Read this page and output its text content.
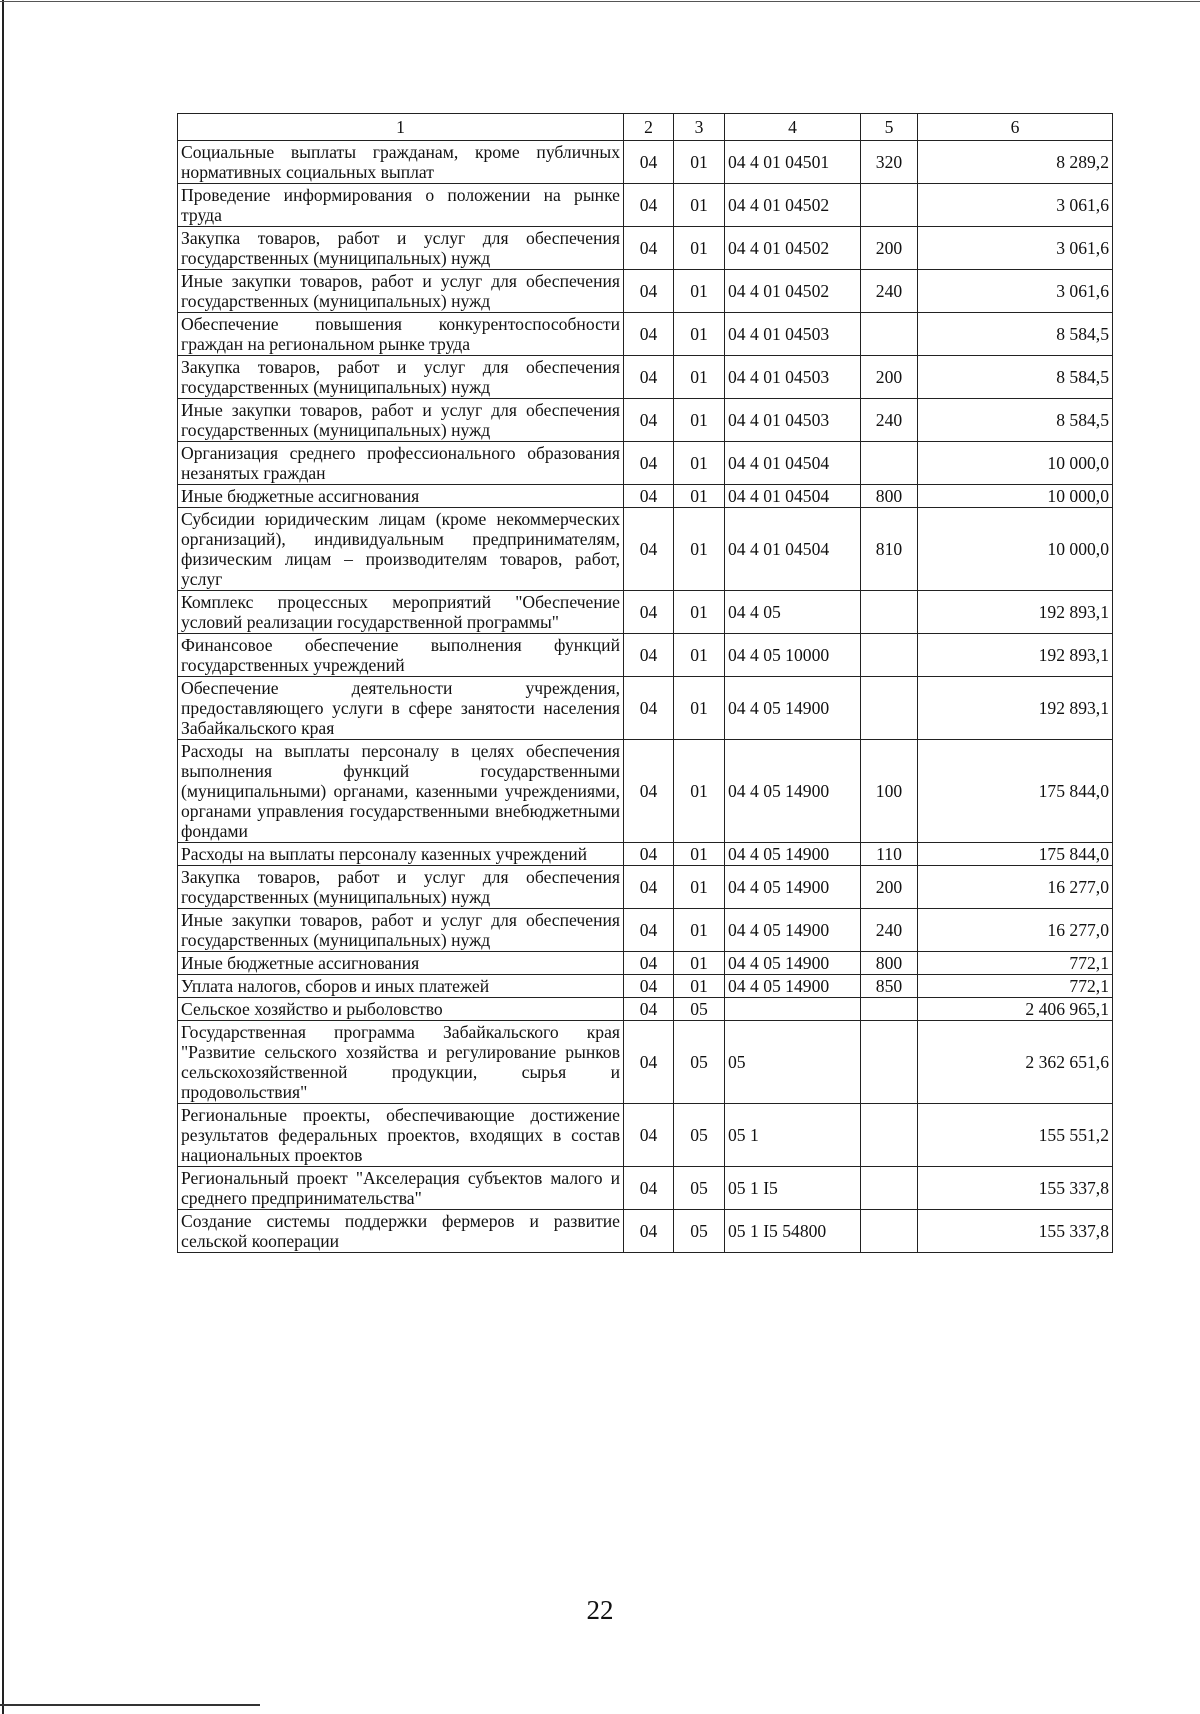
1	2	3	4	5	6
Социальные выплаты гражданам, кроме публичных нормативных социальных выплат	04	01	04 4 01 04501	320	8 289,2
Проведение информирования о положении на рынке труда	04	01	04 4 01 04502		3 061,6
Закупка товаров, работ и услуг для обеспечения государственных (муниципальных) нужд	04	01	04 4 01 04502	200	3 061,6
Иные закупки товаров, работ и услуг для обеспечения государственных (муниципальных) нужд	04	01	04 4 01 04502	240	3 061,6
Обеспечение повышения конкурентоспособности граждан на региональном рынке труда	04	01	04 4 01 04503		8 584,5
Закупка товаров, работ и услуг для обеспечения государственных (муниципальных) нужд	04	01	04 4 01 04503	200	8 584,5
Иные закупки товаров, работ и услуг для обеспечения государственных (муниципальных) нужд	04	01	04 4 01 04503	240	8 584,5
Организация среднего профессионального образования незанятых граждан	04	01	04 4 01 04504		10 000,0
Иные бюджетные ассигнования	04	01	04 4 01 04504	800	10 000,0
Субсидии юридическим лицам (кроме некоммерческих организаций), индивидуальным предпринимателям, физическим лицам – производителям товаров, работ, услуг	04	01	04 4 01 04504	810	10 000,0
Комплекс процессных мероприятий "Обеспечение условий реализации государственной программы"	04	01	04 4 05		192 893,1
Финансовое обеспечение выполнения функций государственных учреждений	04	01	04 4 05 10000		192 893,1
Обеспечение деятельности учреждения, предоставляющего услуги в сфере занятости населения Забайкальского края	04	01	04 4 05 14900		192 893,1
Расходы на выплаты персоналу в целях обеспечения выполнения функций государственными (муниципальными) органами, казенными учреждениями, органами управления государственными внебюджетными фондами	04	01	04 4 05 14900	100	175 844,0
Расходы на выплаты персоналу казенных учреждений	04	01	04 4 05 14900	110	175 844,0
Закупка товаров, работ и услуг для обеспечения государственных (муниципальных) нужд	04	01	04 4 05 14900	200	16 277,0
Иные закупки товаров, работ и услуг для обеспечения государственных (муниципальных) нужд	04	01	04 4 05 14900	240	16 277,0
Иные бюджетные ассигнования	04	01	04 4 05 14900	800	772,1
Уплата налогов, сборов и иных платежей	04	01	04 4 05 14900	850	772,1
Сельское хозяйство и рыболовство	04	05			2 406 965,1
Государственная программа Забайкальского края "Развитие сельского хозяйства и регулирование рынков сельскохозяйственной продукции, сырья и продовольствия"	04	05	05		2 362 651,6
Региональные проекты, обеспечивающие достижение результатов федеральных проектов, входящих в состав национальных проектов	04	05	05 1		155 551,2
Региональный проект "Акселерация субъектов малого и среднего предпринимательства"	04	05	05 1 I5		155 337,8
Создание системы поддержки фермеров и развитие сельской кооперации	04	05	05 1 I5 54800		155 337,8
22
